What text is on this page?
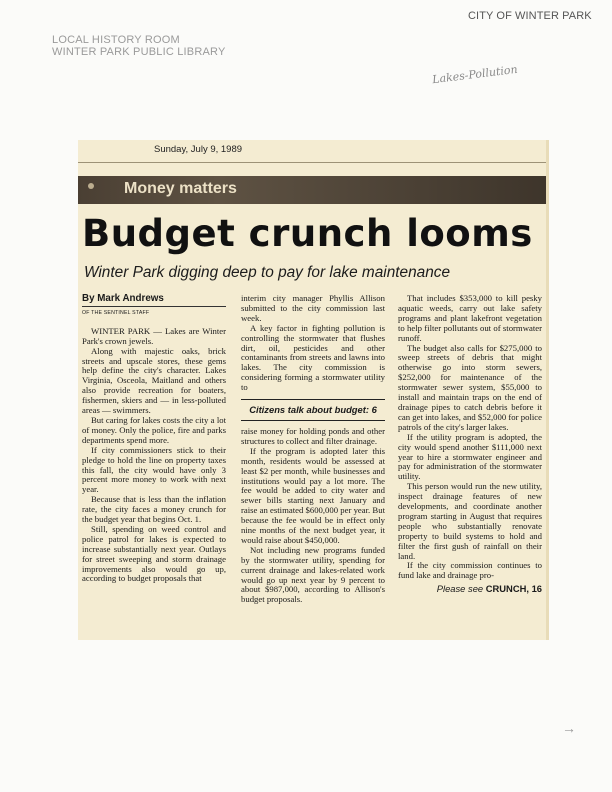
LOCAL HISTORY ROOM
WINTER PARK PUBLIC LIBRARY
CITY OF WINTER PARK
Lakes-Pollution
Sunday, July 9, 1989
Money matters
Budget crunch looms
Winter Park digging deep to pay for lake maintenance
By Mark Andrews
OF THE SENTINEL STAFF

WINTER PARK — Lakes are Winter Park's crown jewels.

Along with majestic oaks, brick streets and upscale stores, these gems help define the city's character. Lakes Virginia, Osceola, Maitland and others also provide recreation for boaters, fishermen, skiers and — in less-polluted areas — swimmers.

But caring for lakes costs the city a lot of money. Only the police, fire and parks departments spend more.

If city commissioners stick to their pledge to hold the line on property taxes this fall, the city would have only 3 percent more money to work with next year.

Because that is less than the inflation rate, the city faces a money crunch for the budget year that begins Oct. 1.

Still, spending on weed control and police patrol for lakes is expected to increase substantially next year. Outlays for street sweeping and storm drainage improvements also would go up, according to budget proposals that

interim city manager Phyllis Allison submitted to the city commission last week.

A key factor in fighting pollution is controlling the stormwater that flushes dirt, oil, pesticides and other contaminants from streets and lawns into lakes. The city commission is considering forming a stormwater utility to

Citizens talk about budget: 6

raise money for holding ponds and other structures to collect and filter drainage.

If the program is adopted later this month, residents would be assessed at least $2 per month, while businesses and institutions would pay a lot more. The fee would be added to city water and sewer bills starting next January and raise an estimated $600,000 per year. But because the fee would be in effect only nine months of the next budget year, it would raise about $450,000.

Not including new programs funded by the stormwater utility, spending for current drainage and lakes-related work would go up next year by 9 percent to about $987,000, according to Allison's budget proposals.

That includes $353,000 to kill pesky aquatic weeds, carry out lake safety programs and plant lakefront vegetation to help filter pollutants out of stormwater runoff.

The budget also calls for $275,000 to sweep streets of debris that might otherwise go into storm sewers, $252,000 for maintenance of the stormwater sewer system, $55,000 to install and maintain traps on the end of drainage pipes to catch debris before it can get into lakes, and $52,000 for police patrols of the city's larger lakes.

If the utility program is adopted, the city would spend another $111,000 next year to hire a stormwater engineer and pay for administration of the stormwater utility.

This person would run the new utility, inspect drainage features of new developments, and coordinate another program starting in August that requires people who substantially renovate property to build systems to hold and filter the first gush of rainfall on their land.

If the city commission continues to fund lake and drainage pro-

Please see CRUNCH, 16
→
